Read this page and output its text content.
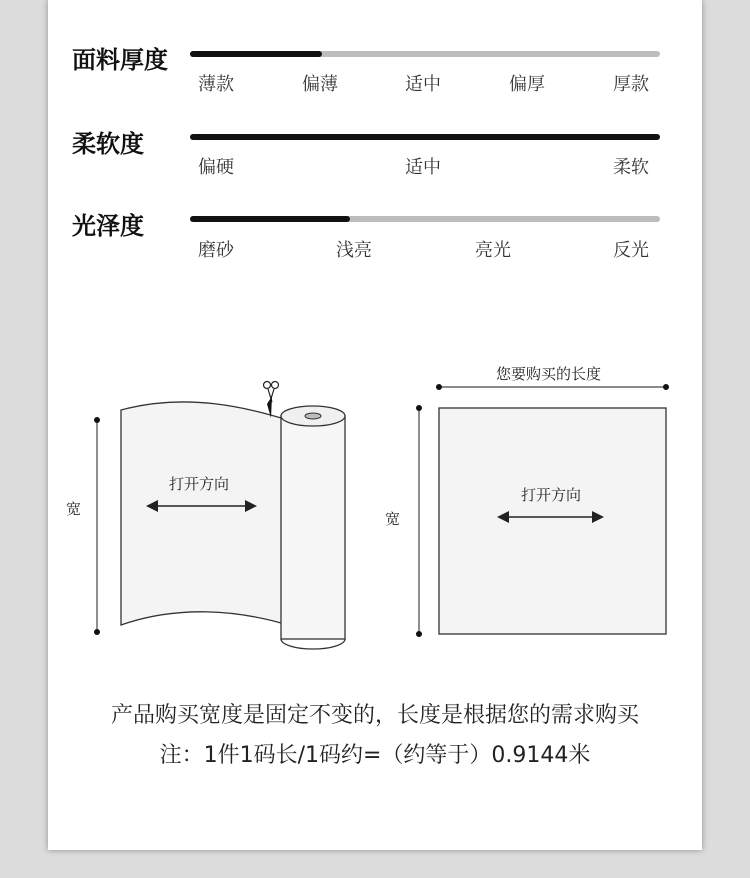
面料厚度
薄款	偏薄	适中	偏厚	厚款
柔软度
偏硬	适中	柔软
光泽度
磨砂	浅亮	亮光	反光
宽
打开方向
您要购买的长度
宽
打开方向
产品购买宽度是固定不变的，长度是根据您的需求购买
注：1件1码长/1码约=（约等于）0.9144米
